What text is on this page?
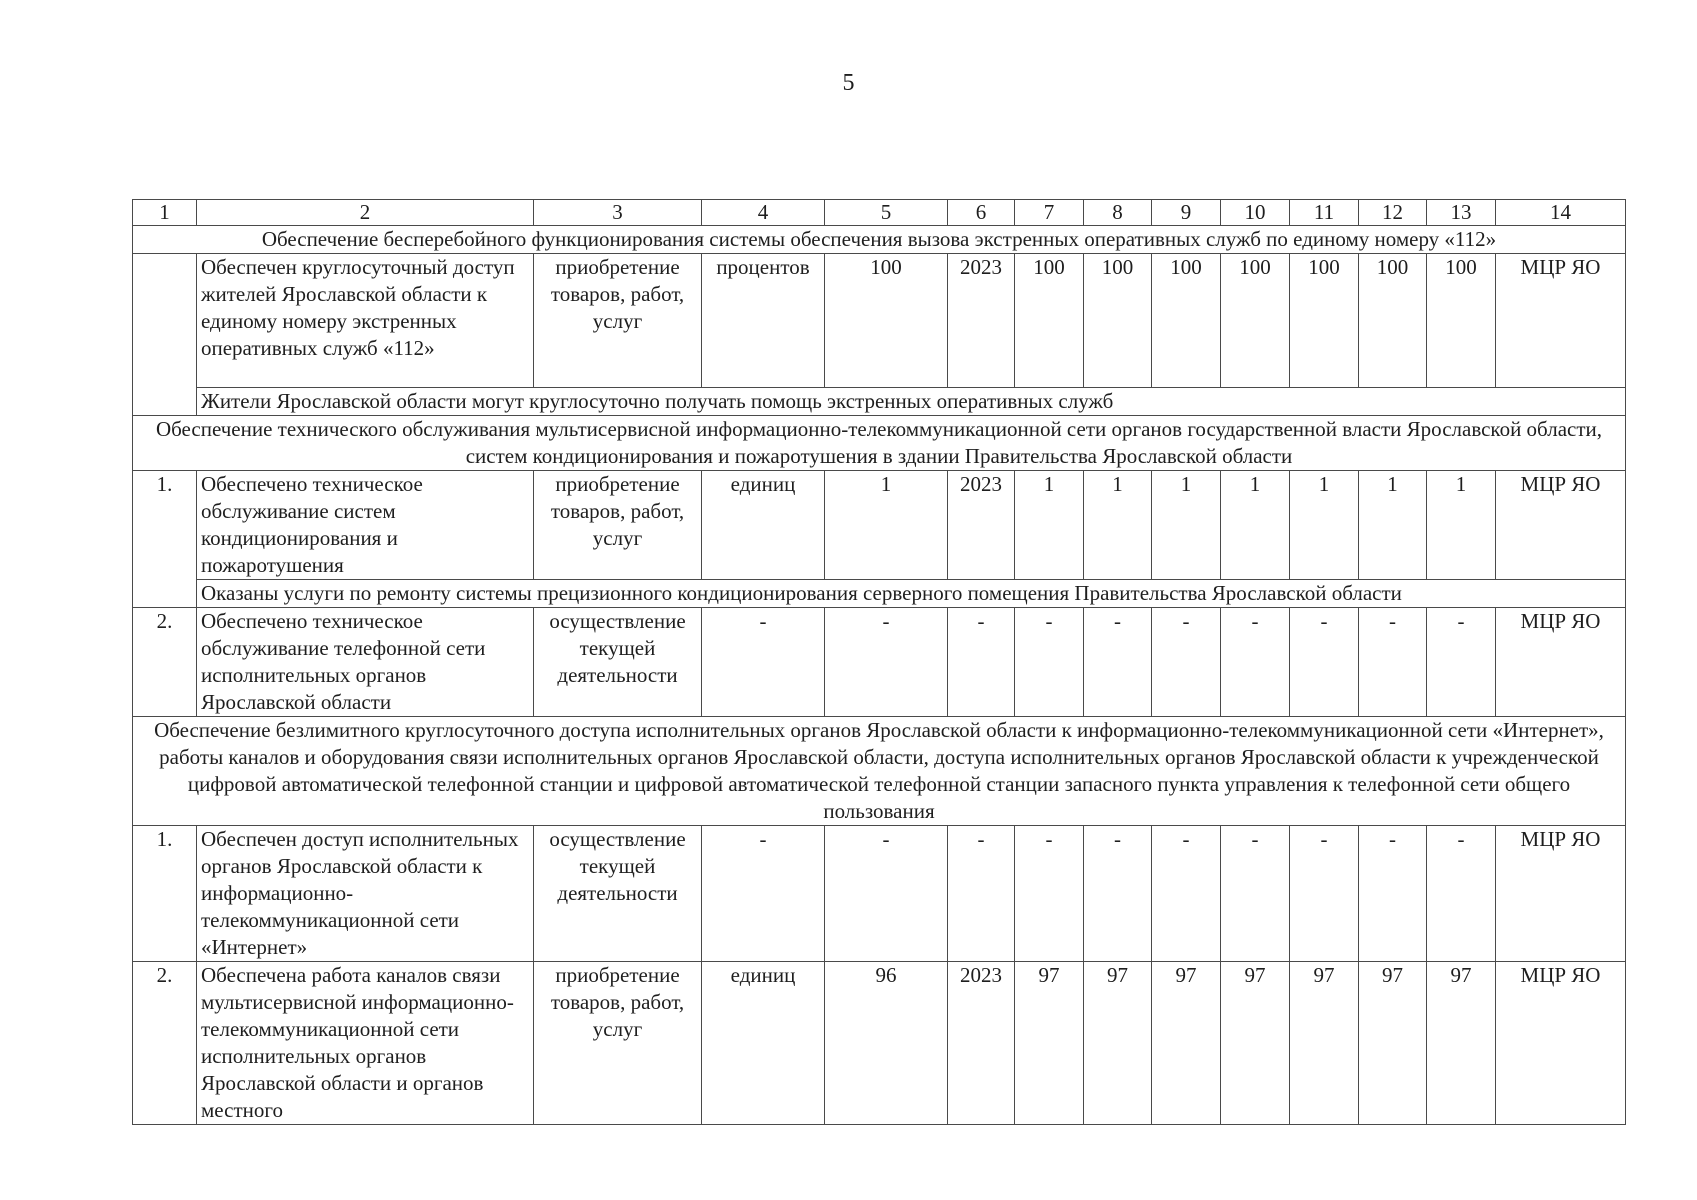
5
1	2	3	4	5	6	7	8	9	10	11	12	13	14
Обеспечение бесперебойного функционирования системы обеспечения вызова экстренных оперативных служб по единому номеру «112»													
	Обеспечен круглосуточный доступ жителей Ярославской области к единому номеру экстренных оперативных служб «112»	приобретение товаров, работ, услуг	процентов	100	2023	100	100	100	100	100	100	100	МЦР ЯО
	Жители Ярославской области могут круглосуточно получать помощь экстренных оперативных служб												
Обеспечение технического обслуживания мультисервисной информационно-телекоммуникационной сети органов государственной власти Ярославской области, систем кондиционирования и пожаротушения в здании Правительства Ярославской области													
1.	Обеспечено техническое обслуживание систем кондиционирования и пожаротушения	приобретение товаров, работ, услуг	единиц	1	2023	1	1	1	1	1	1	1	МЦР ЯО
	Оказаны услуги по ремонту системы прецизионного кондиционирования серверного помещения Правительства Ярославской области												
2.	Обеспечено техническое обслуживание телефонной сети исполнительных органов Ярославской области	осуществление текущей деятельности	-	-	-	-	-	-	-	-	-	-	МЦР ЯО
Обеспечение безлимитного круглосуточного доступа исполнительных органов Ярославской области к информационно-телекоммуникационной сети «Интернет», работы каналов и оборудования связи исполнительных органов Ярославской области, доступа исполнительных органов Ярославской области к учрежденческой цифровой автоматической телефонной станции и цифровой автоматической телефонной станции запасного пункта управления к телефонной сети общего пользования													
1.	Обеспечен доступ исполнительных органов Ярославской области к информационно-телекоммуникационной сети «Интернет»	осуществление текущей деятельности	-	-	-	-	-	-	-	-	-	-	МЦР ЯО
2.	Обеспечена работа каналов связи мультисервисной информационно-телекоммуникационной сети исполнительных органов Ярославской области и органов местного	приобретение товаров, работ, услуг	единиц	96	2023	97	97	97	97	97	97	97	МЦР ЯО
